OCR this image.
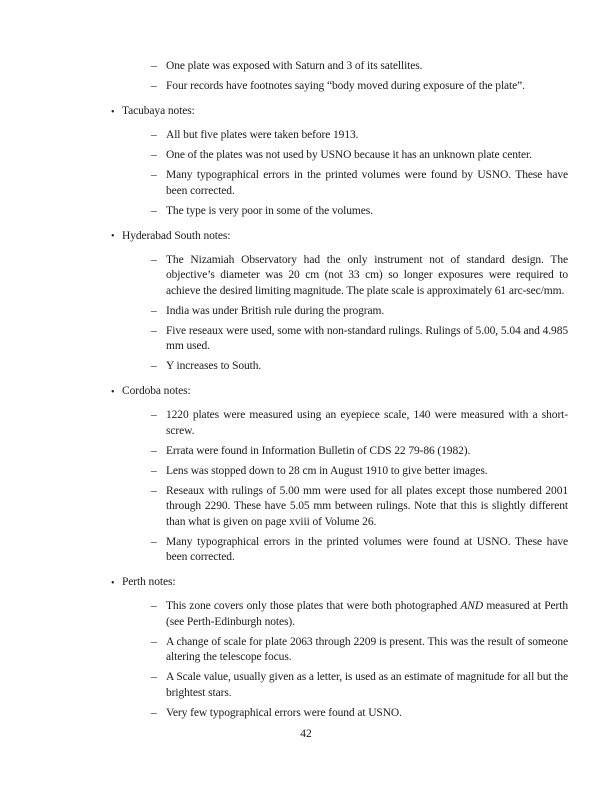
– One plate was exposed with Saturn and 3 of its satellites.
– Four records have footnotes saying “body moved during exposure of the plate”.
• Tacubaya notes:
– All but five plates were taken before 1913.
– One of the plates was not used by USNO because it has an unknown plate center.
– Many typographical errors in the printed volumes were found by USNO. These have been corrected.
– The type is very poor in some of the volumes.
• Hyderabad South notes:
– The Nizamiah Observatory had the only instrument not of standard design. The objective’s diameter was 20 cm (not 33 cm) so longer exposures were required to achieve the desired limiting magnitude. The plate scale is approximately 61 arc-sec/mm.
– India was under British rule during the program.
– Five reseaux were used, some with non-standard rulings. Rulings of 5.00, 5.04 and 4.985 mm used.
– Y increases to South.
• Cordoba notes:
– 1220 plates were measured using an eyepiece scale, 140 were measured with a short-screw.
– Errata were found in Information Bulletin of CDS 22 79-86 (1982).
– Lens was stopped down to 28 cm in August 1910 to give better images.
– Reseaux with rulings of 5.00 mm were used for all plates except those numbered 2001 through 2290. These have 5.05 mm between rulings. Note that this is slightly different than what is given on page xviii of Volume 26.
– Many typographical errors in the printed volumes were found at USNO. These have been corrected.
• Perth notes:
– This zone covers only those plates that were both photographed AND measured at Perth (see Perth-Edinburgh notes).
– A change of scale for plate 2063 through 2209 is present. This was the result of someone altering the telescope focus.
– A Scale value, usually given as a letter, is used as an estimate of magnitude for all but the brightest stars.
– Very few typographical errors were found at USNO.
42
